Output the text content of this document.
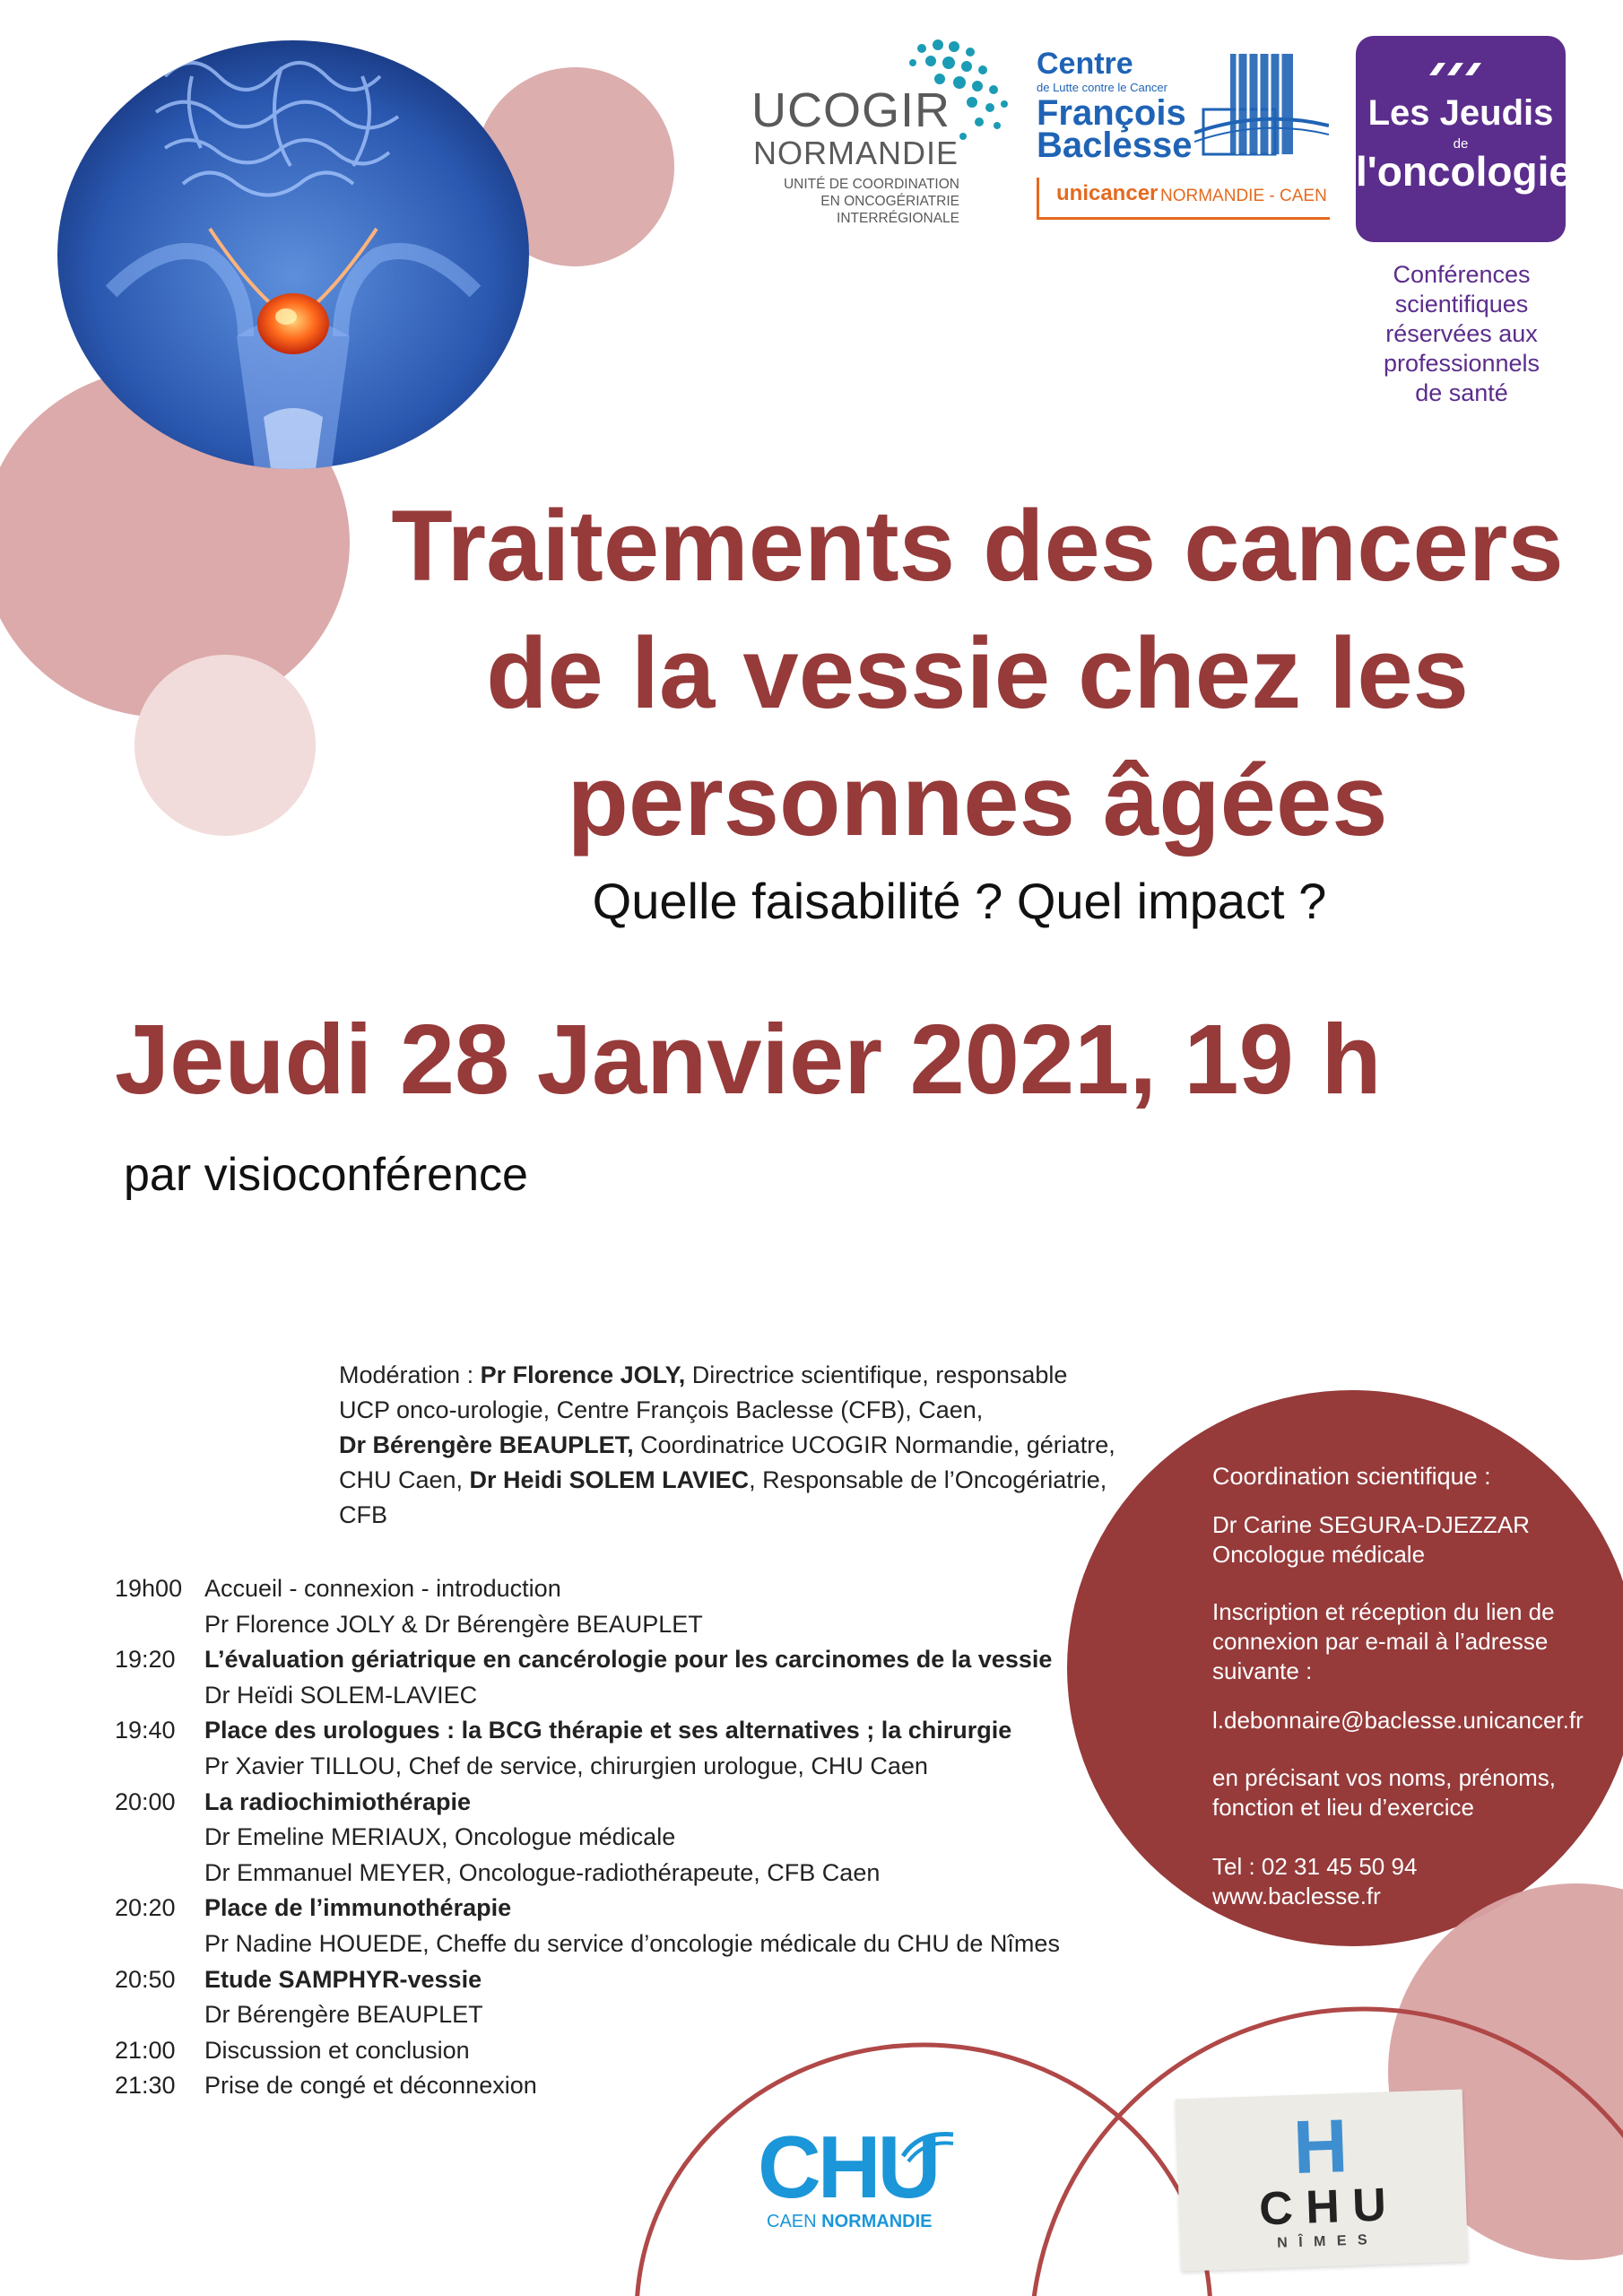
UCOGIR
NORMANDIE
UNITÉ DE COORDINATION
EN ONCOGÉRIATRIE
INTERRÉGIONALE
Centre
de Lutte contre le Cancer
François
Baclesse
unicancer NORMANDIE - CAEN
Les Jeudis
de
l'oncologie
Conférences
scientifiques
réservées aux
professionnels
de santé
Traitements des cancers
de la vessie chez les
personnes âgées
Quelle faisabilité ? Quel impact ?
Jeudi 28 Janvier 2021, 19 h
par visioconférence
Modération : Pr Florence JOLY, Directrice scientifique, responsable
UCP onco-urologie, Centre François Baclesse (CFB), Caen,
Dr Bérengère BEAUPLET, Coordinatrice UCOGIR Normandie, gériatre,
CHU Caen, Dr Heidi SOLEM LAVIEC, Responsable de l’Oncogériatrie, CFB
19h00 Accueil - connexion - introduction
Pr Florence JOLY & Dr Bérengère BEAUPLET
19:20	L’évaluation gériatrique en cancérologie pour les carcinomes de la vessie
Dr Heïdi SOLEM-LAVIEC
19:40	Place des urologues : la BCG thérapie et ses alternatives ; la chirurgie
Pr Xavier TILLOU, Chef de service, chirurgien urologue, CHU Caen
20:00	La radiochimiothérapie
Dr Emeline MERIAUX, Oncologue médicale
Dr Emmanuel MEYER, Oncologue-radiothérapeute, CFB Caen
20:20	Place de l’immunothérapie
Pr Nadine HOUEDE, Cheffe du service d’oncologie médicale du CHU de Nîmes
20:50	Etude SAMPHYR-vessie
Dr Bérengère BEAUPLET
21:00	Discussion et conclusion
21:30	Prise de congé et déconnexion

Coordination scientifique :

Dr Carine SEGURA-DJEZZAR

Oncologue médicale

Inscription et réception du lien de connexion par e-mail à l’adresse suivante :

l.debonnaire@baclesse.unicancer.fr

en précisant vos noms, prénoms, fonction et lieu d’exercice

Tel : 02 31 45 50 94

www.baclesse.fr

CHU
CAEN NORMANDIE
H
C H U
N Î M E S
